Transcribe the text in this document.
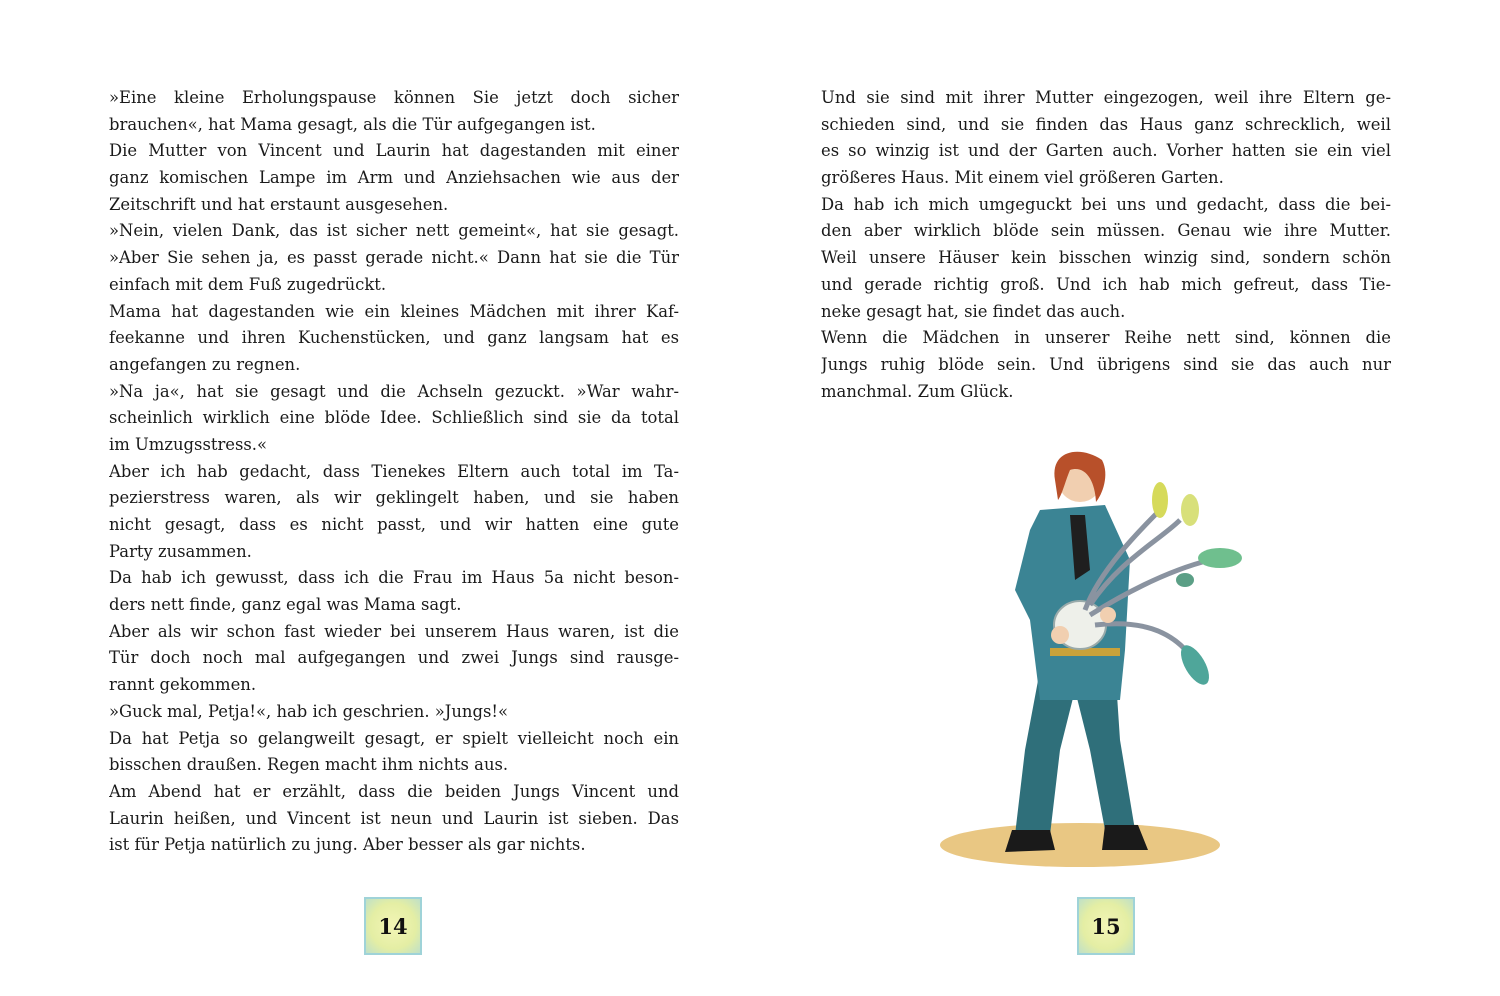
»Eine kleine Erholungspause können Sie jetzt doch sicher
brauchen«, hat Mama gesagt, als die Tür aufgegangen ist.
Die Mutter von Vincent und Laurin hat dagestanden mit einer
ganz komischen Lampe im Arm und Anziehsachen wie aus der
Zeitschrift und hat erstaunt ausgesehen.
»Nein, vielen Dank, das ist sicher nett gemeint«, hat sie gesagt.
»Aber Sie sehen ja, es passt gerade nicht.« Dann hat sie die Tür
einfach mit dem Fuß zugedrückt.
Mama hat dagestanden wie ein kleines Mädchen mit ihrer Kaf-
feekanne und ihren Kuchenstücken, und ganz langsam hat es
angefangen zu regnen.
»Na ja«, hat sie gesagt und die Achseln gezuckt. »War wahr-
scheinlich wirklich eine blöde Idee. Schließlich sind sie da total
im Umzugsstress.«
Aber ich hab gedacht, dass Tienekes Eltern auch total im Ta-
pezierstress waren, als wir geklingelt haben, und sie haben
nicht gesagt, dass es nicht passt, und wir hatten eine gute
Party zusammen.
Da hab ich gewusst, dass ich die Frau im Haus 5a nicht beson-
ders nett finde, ganz egal was Mama sagt.
Aber als wir schon fast wieder bei unserem Haus waren, ist die
Tür doch noch mal aufgegangen und zwei Jungs sind rausge-
rannt gekommen.
»Guck mal, Petja!«, hab ich geschrien. »Jungs!«
Da hat Petja so gelangweilt gesagt, er spielt vielleicht noch ein
bisschen draußen. Regen macht ihm nichts aus.
Am Abend hat er erzählt, dass die beiden Jungs Vincent und
Laurin heißen, und Vincent ist neun und Laurin ist sieben. Das
ist für Petja natürlich zu jung. Aber besser als gar nichts.
Und sie sind mit ihrer Mutter eingezogen, weil ihre Eltern ge-
schieden sind, und sie finden das Haus ganz schrecklich, weil
es so winzig ist und der Garten auch. Vorher hatten sie ein viel
größeres Haus. Mit einem viel größeren Garten.
Da hab ich mich umgeguckt bei uns und gedacht, dass die bei-
den aber wirklich blöde sein müssen. Genau wie ihre Mutter.
Weil unsere Häuser kein bisschen winzig sind, sondern schön
und gerade richtig groß. Und ich hab mich gefreut, dass Tie-
neke gesagt hat, sie findet das auch.
Wenn die Mädchen in unserer Reihe nett sind, können die
Jungs ruhig blöde sein. Und übrigens sind sie das auch nur
manchmal. Zum Glück.
14	15
